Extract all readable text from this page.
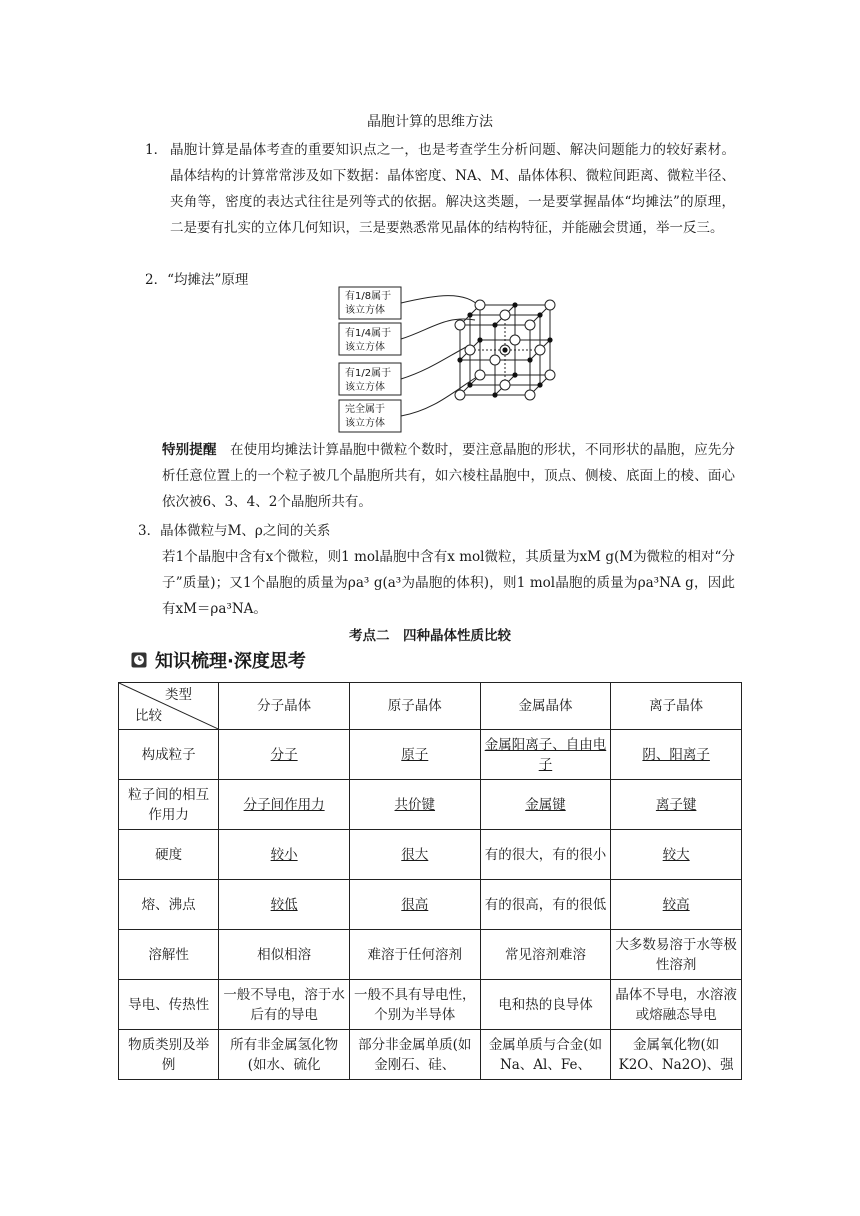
晶胞计算的思维方法
1． 晶胞计算是晶体考查的重要知识点之一，也是考查学生分析问题、解决问题能力的较好素材。晶体结构的计算常常涉及如下数据：晶体密度、NA、M、晶体体积、微粒间距离、微粒半径、夹角等，密度的表达式往往是列等式的依据。解决这类题，一是要掌握晶体“均摊法”的原理，二是要有扎实的立体几何知识，三是要熟悉常见晶体的结构特征，并能融会贯通，举一反三。
2．“均摊法”原理
有1/8属于
该立方体
有1/4属于
该立方体
有1/2属于
该立方体
完全属于
该立方体
特别提醒 在使用均摊法计算晶胞中微粒个数时，要注意晶胞的形状，不同形状的晶胞，应先分析任意位置上的一个粒子被几个晶胞所共有，如六棱柱晶胞中，顶点、侧棱、底面上的棱、面心依次被6、3、4、2个晶胞所共有。
3．晶体微粒与M、ρ之间的关系
若1个晶胞中含有x个微粒，则1 mol晶胞中含有x mol微粒，其质量为xM g(M为微粒的相对“分子”质量)；又1个晶胞的质量为ρa³ g(a³为晶胞的体积)，则1 mol晶胞的质量为ρa³NA g，因此有xM＝ρa³NA。
考点二　四种晶体性质比较
知识梳理·深度思考
类型
比较	分子晶体	原子晶体	金属晶体	离子晶体
构成粒子	分子	原子	金属阳离子、自由电子	阴、阳离子
粒子间的相互作用力	分子间作用力	共价键	金属键	离子键
硬度	较小	很大	有的很大，有的很小	较大
熔、沸点	较低	很高	有的很高，有的很低	较高
溶解性	相似相溶	难溶于任何溶剂	常见溶剂难溶	大多数易溶于水等极性溶剂
导电、传热性	一般不导电，溶于水后有的导电	一般不具有导电性，个别为半导体	电和热的良导体	晶体不导电，水溶液或熔融态导电
物质类别及举例	所有非金属氢化物(如水、硫化	部分非金属单质(如金刚石、硅、	金属单质与合金(如Na、Al、Fe、	金属氧化物(如K2O、Na2O)、强
